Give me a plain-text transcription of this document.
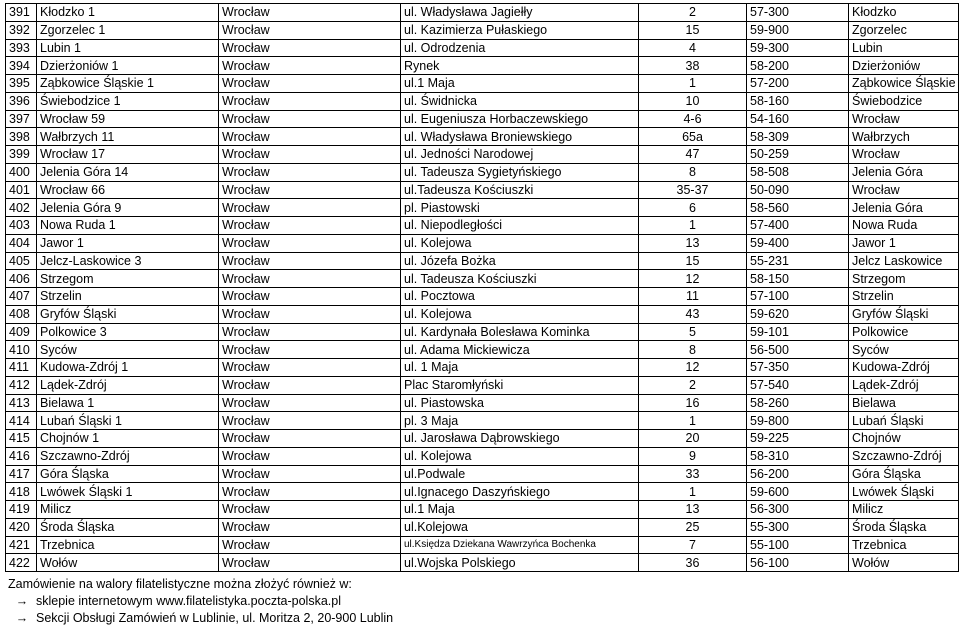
391	Kłodzko 1	Wrocław	ul. Władysława Jagiełły	2	57-300	Kłodzko
392	Zgorzelec 1	Wrocław	ul. Kazimierza Pułaskiego	15	59-900	Zgorzelec
393	Lubin 1	Wrocław	ul. Odrodzenia	4	59-300	Lubin
394	Dzierżoniów 1	Wrocław	Rynek	38	58-200	Dzierżoniów
395	Ząbkowice Śląskie 1	Wrocław	ul.1 Maja	1	57-200	Ząbkowice Śląskie
396	Świebodzice 1	Wrocław	ul. Świdnicka	10	58-160	Świebodzice
397	Wrocław 59	Wrocław	ul. Eugeniusza Horbaczewskiego	4-6	54-160	Wrocław
398	Wałbrzych 11	Wrocław	ul. Władysława Broniewskiego	65a	58-309	Wałbrzych
399	Wrocław 17	Wrocław	ul. Jedności Narodowej	47	50-259	Wrocław
400	Jelenia Góra 14	Wrocław	ul. Tadeusza Sygietyńskiego	8	58-508	Jelenia Góra
401	Wrocław 66	Wrocław	ul.Tadeusza Kościuszki	35-37	50-090	Wrocław
402	Jelenia Góra 9	Wrocław	pl. Piastowski	6	58-560	Jelenia Góra
403	Nowa Ruda 1	Wrocław	ul. Niepodległości	1	57-400	Nowa Ruda
404	Jawor 1	Wrocław	ul. Kolejowa	13	59-400	Jawor 1
405	Jelcz-Laskowice 3	Wrocław	ul. Józefa Bożka	15	55-231	Jelcz Laskowice
406	Strzegom	Wrocław	ul. Tadeusza Kościuszki	12	58-150	Strzegom
407	Strzelin	Wrocław	ul. Pocztowa	11	57-100	Strzelin
408	Gryfów Śląski	Wrocław	ul. Kolejowa	43	59-620	Gryfów Śląski
409	Polkowice 3	Wrocław	ul. Kardynała Bolesława Kominka	5	59-101	Polkowice
410	Syców	Wrocław	ul. Adama Mickiewicza	8	56-500	Syców
411	Kudowa-Zdrój 1	Wrocław	ul. 1 Maja	12	57-350	Kudowa-Zdrój
412	Lądek-Zdrój	Wrocław	Plac Staromłyński	2	57-540	Lądek-Zdrój
413	Bielawa 1	Wrocław	ul. Piastowska	16	58-260	Bielawa
414	Lubań Śląski 1	Wrocław	pl. 3 Maja	1	59-800	Lubań Śląski
415	Chojnów 1	Wrocław	ul. Jarosława Dąbrowskiego	20	59-225	Chojnów
416	Szczawno-Zdrój	Wrocław	ul. Kolejowa	9	58-310	Szczawno-Zdrój
417	Góra Śląska	Wrocław	ul.Podwale	33	56-200	Góra Śląska
418	Lwówek Śląski 1	Wrocław	ul.Ignacego Daszyńskiego	1	59-600	Lwówek Śląski
419	Milicz	Wrocław	ul.1 Maja	13	56-300	Milicz
420	Środa Śląska	Wrocław	ul.Kolejowa	25	55-300	Środa Śląska
421	Trzebnica	Wrocław	ul.Księdza Dziekana Wawrzyńca Bochenka	7	55-100	Trzebnica
422	Wołów	Wrocław	ul.Wojska Polskiego	36	56-100	Wołów
Zamówienie na walory filatelistyczne można złożyć również w:
→ sklepie internetowym www.filatelistyka.poczta-polska.pl
→ Sekcji Obsługi Zamówień w Lublinie, ul. Moritza 2, 20-900 Lublin
